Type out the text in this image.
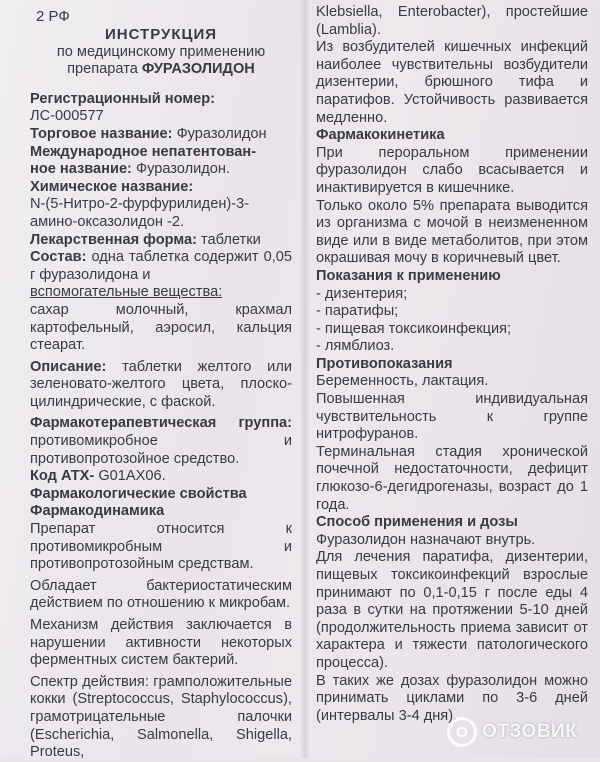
2 РФ
ИНСТРУКЦИЯ
по медицинскому применению
препарата ФУРАЗОЛИДОН
Регистрационный номер:
ЛС-000577
Торговое название: Фуразолидон
Международное непатентован-
ное название: Фуразолидон.
Химическое название:
N-(5-Нитро-2-фурфурилиден)-3-амино-оксазолидон -2.
Лекарственная форма: таблетки
Состав: одна таблетка содержит 0,05 г фуразолидона и
вспомогательные вещества:
сахар молочный, крахмал картофельный, аэросил, кальция стеарат.
Описание: таблетки желтого или зеленовато-желтого цвета, плоско-цилиндрические, с фаской.
Фармакотерапевтическая группа: противомикробное и противопротозойное средство.
Код АТХ- G01AX06.
Фармакологические свойства
Фармакодинамика
Препарат относится к противомикробным и противопротозойным средствам.
Обладает бактериостатическим действием по отношению к микробам.
Механизм действия заключается в нарушении активности некоторых ферментных систем бактерий.
Спектр действия: грамположительные кокки (Streptococcus, Staphylococcus), грамотрицательные палочки (Escherichia, Salmonella, Shigella, Proteus,
Klebsiella, Enterobacter), простейшие (Lamblia).
Из возбудителей кишечных инфекций наиболее чувствительны возбудители дизентерии, брюшного тифа и паратифов. Устойчивость развивается медленно.
Фармакокинетика
При пероральном применении фуразолидон слабо всасывается и инактивируется в кишечнике.
Только около 5% препарата выводится из организма с мочой в неизмененном виде или в виде метаболитов, при этом окрашивая мочу в коричневый цвет.
Показания к применению
- дизентерия;
- паратифы;
- пищевая токсикоинфекция;
- лямблиоз.
Противопоказания
Беременность, лактация.
Повышенная индивидуальная чувствительность к группе нитрофуранов.
Терминальная стадия хронической почечной недостаточности, дефицит глюкозо-6-дегидрогеназы, возраст до 1 года.
Способ применения и дозы
Фуразолидон назначают внутрь.
Для лечения паратифа, дизентерии, пищевых токсикоинфекций взрослые принимают по 0,1-0,15 г после еды 4 раза в сутки на протяжении 5-10 дней (продолжительность приема зависит от характера и тяжести патологического процесса).
В таких же дозах фуразолидон можно принимать циклами по 3-6 дней (интервалы 3-4 дня).
О ОТЗОВИК
